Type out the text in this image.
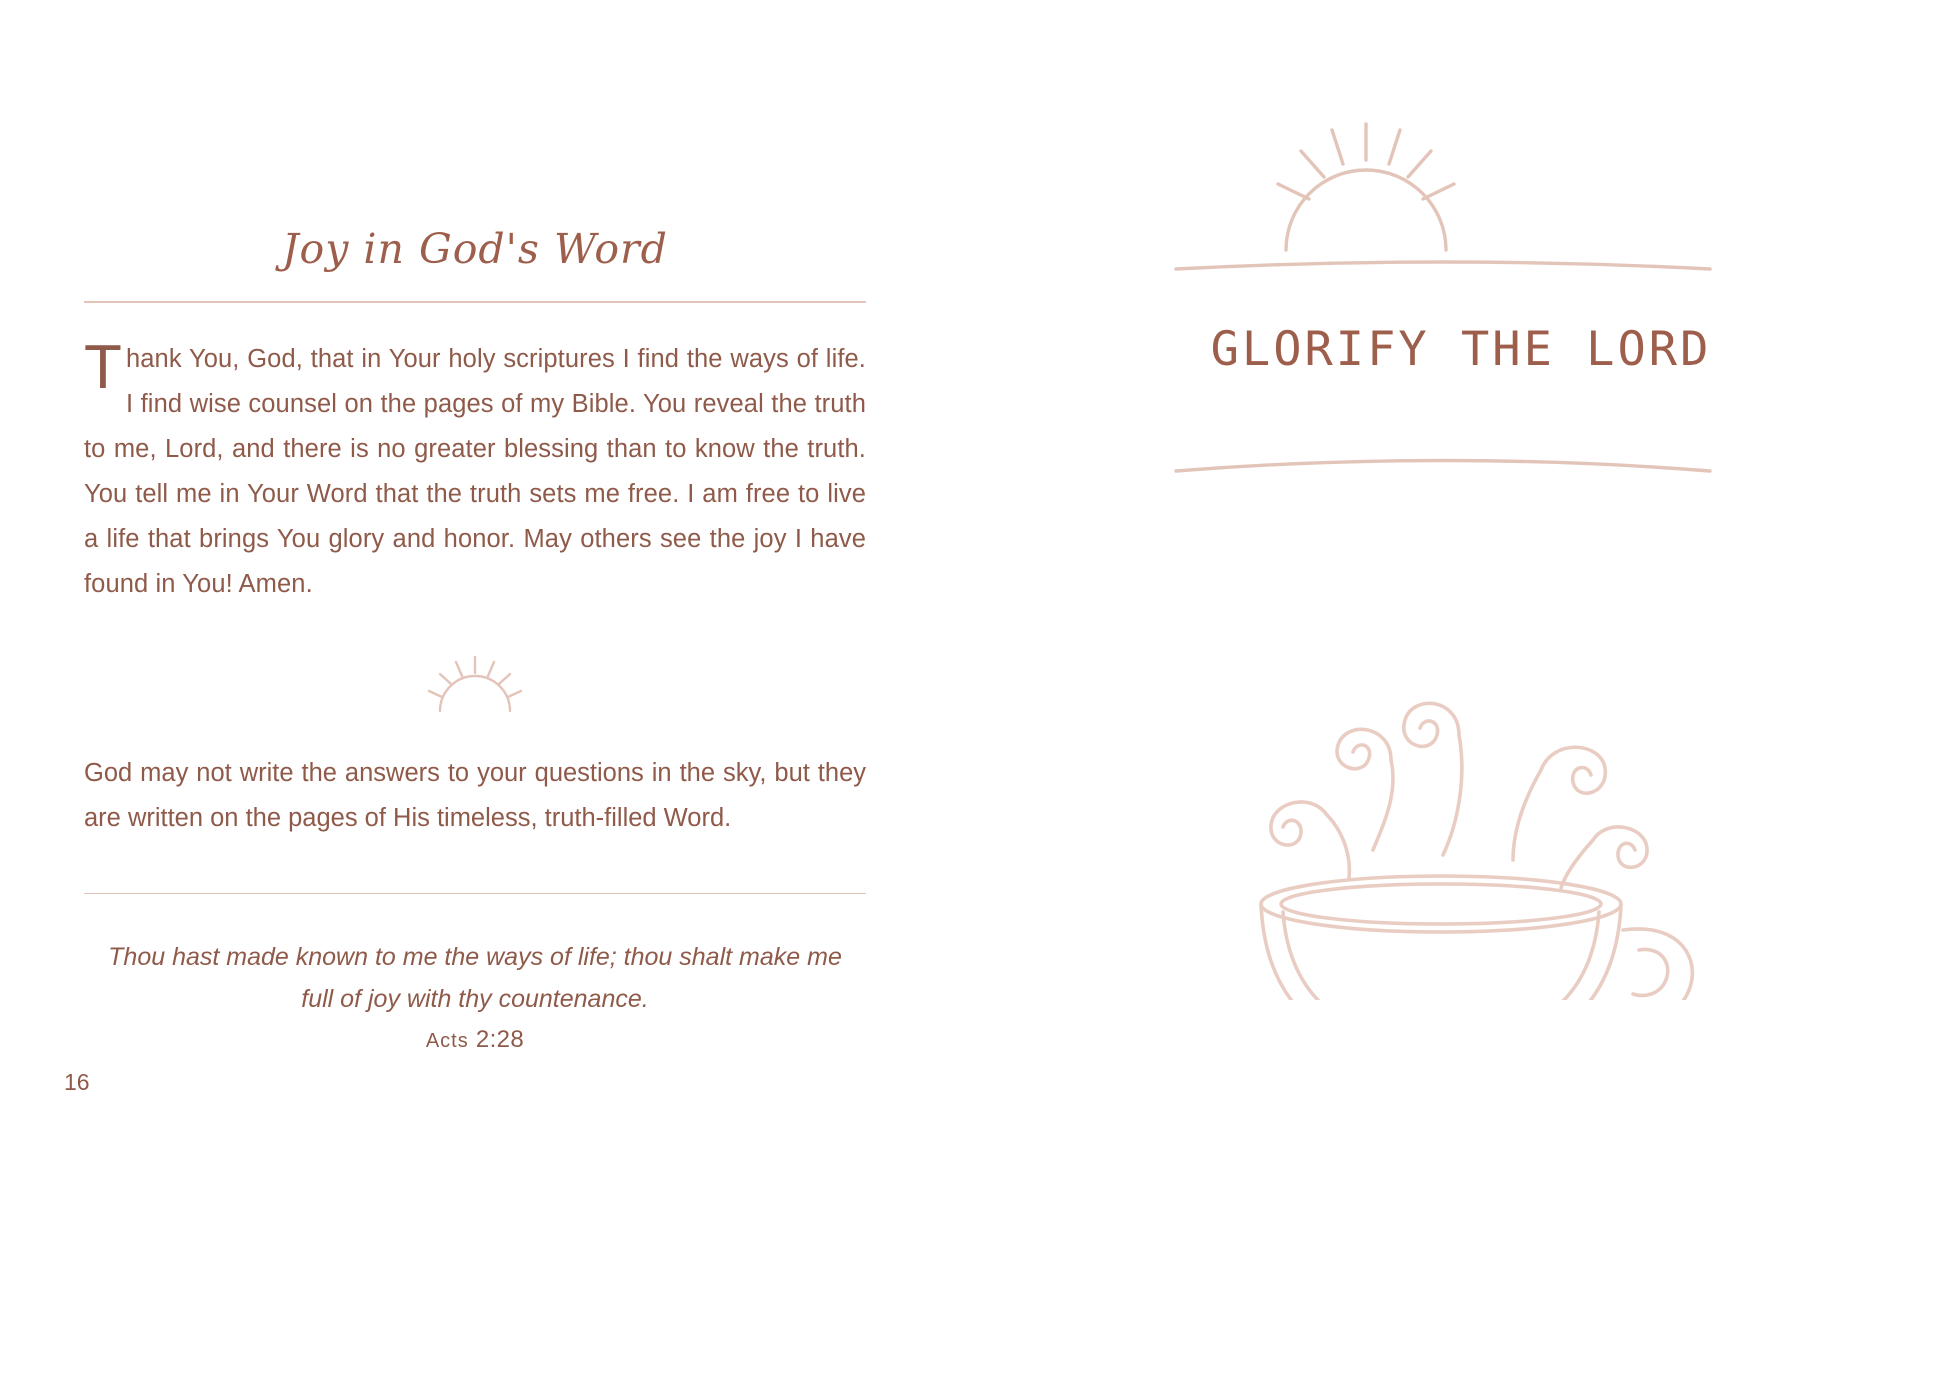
Joy in God's Word
Thank You, God, that in Your holy scriptures I find the ways of life. I find wise counsel on the pages of my Bible. You reveal the truth to me, Lord, and there is no greater blessing than to know the truth. You tell me in Your Word that the truth sets me free. I am free to live a life that brings You glory and honor. May others see the joy I have found in You! Amen.
God may not write the answers to your questions in the sky, but they are written on the pages of His timeless, truth-filled Word.
Thou hast made known to me the ways of life; thou shalt make me full of joy with thy countenance.
Acts 2:28
16
GLORIFY THE LORD
